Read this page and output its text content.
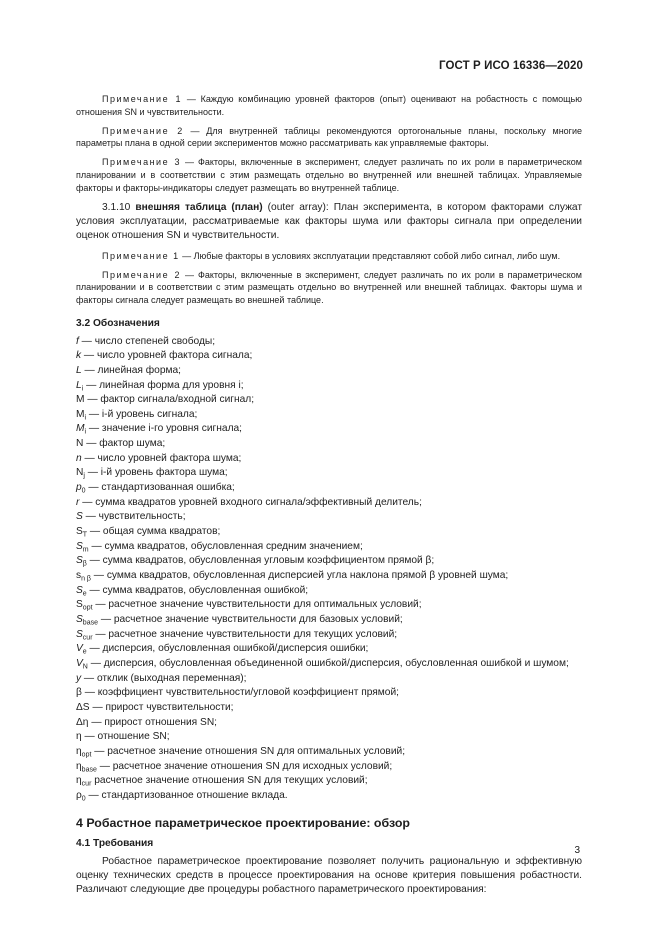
ГОСТ Р ИСО 16336—2020

Примечание 1 — Каждую комбинацию уровней факторов (опыт) оценивают на робастность с помощью отношения SN и чувствительности.

Примечание 2 — Для внутренней таблицы рекомендуются ортогональные планы, поскольку многие параметры плана в одной серии экспериментов можно рассматривать как управляемые факторы.

Примечание 3 — Факторы, включенные в эксперимент, следует различать по их роли в параметрическом планировании и в соответствии с этим размещать отдельно во внутренней или внешней таблицах. Управляемые факторы и факторы-индикаторы следует размещать во внутренней таблице.

3.1.10 внешняя таблица (план) (outer array): План эксперимента, в котором факторами служат условия эксплуатации, рассматриваемые как факторы шума или факторы сигнала при определении оценок отношения SN и чувствительности.

Примечание 1 — Любые факторы в условиях эксплуатации представляют собой либо сигнал, либо шум.

Примечание 2 — Факторы, включенные в эксперимент, следует различать по их роли в параметрическом планировании и в соответствии с этим размещать отдельно во внутренней или внешней таблицах. Факторы шума и факторы сигнала следует размещать во внешней таблице.

3.2 Обозначения
f — число степеней свободы;
k — число уровней фактора сигнала;
L — линейная форма;
$L_i$ — линейная форма для уровня i;
M — фактор сигнала/входной сигнал;
$M_i$ — i-й уровень сигнала;
$M_i$ — значение i-го уровня сигнала;
N — фактор шума;
n — число уровней фактора шума;
$N_j$ — i-й уровень фактора шума;
$p_0$ — стандартизованная ошибка;
r — сумма квадратов уровней входного сигнала/эффективный делитель;
S — чувствительность;
$S_T$ — общая сумма квадратов;
$S_m$ — сумма квадратов, обусловленная средним значением;
$S_\beta$ — сумма квадратов, обусловленная угловым коэффициентом прямой β;
$s_{n \beta}$ — сумма квадратов, обусловленная дисперсией угла наклона прямой β уровней шума;
$S_e$ — сумма квадратов, обусловленная ошибкой;
$S_{opt}$ — расчетное значение чувствительности для оптимальных условий;
$S_{base}$ — расчетное значение чувствительности для базовых условий;
$S_{cur}$ — расчетное значение чувствительности для текущих условий;
$V_e$ — дисперсия, обусловленная ошибкой/дисперсия ошибки;
$V_N$ — дисперсия, обусловленная объединенной ошибкой/дисперсия, обусловленная ошибкой и шумом;
y — отклик (выходная переменная);
β — коэффициент чувствительности/угловой коэффициент прямой;
ΔS — прирост чувствительности;
Δη — прирост отношения SN;
η — отношение SN;
$\eta_{opt}$ — расчетное значение отношения SN для оптимальных условий;
$\eta_{base}$ — расчетное значение отношения SN для исходных условий;
$\eta_{cur}$ расчетное значение отношения SN для текущих условий;
$\rho_0$ — стандартизованное отношение вклада.
4 Робастное параметрическое проектирование: обзор
4.1 Требования

Робастное параметрическое проектирование позволяет получить рациональную и эффективную оценку технических средств в процессе проектирования на основе критерия повышения робастности. Различают следующие две процедуры робастного параметрического проектирования:

3
